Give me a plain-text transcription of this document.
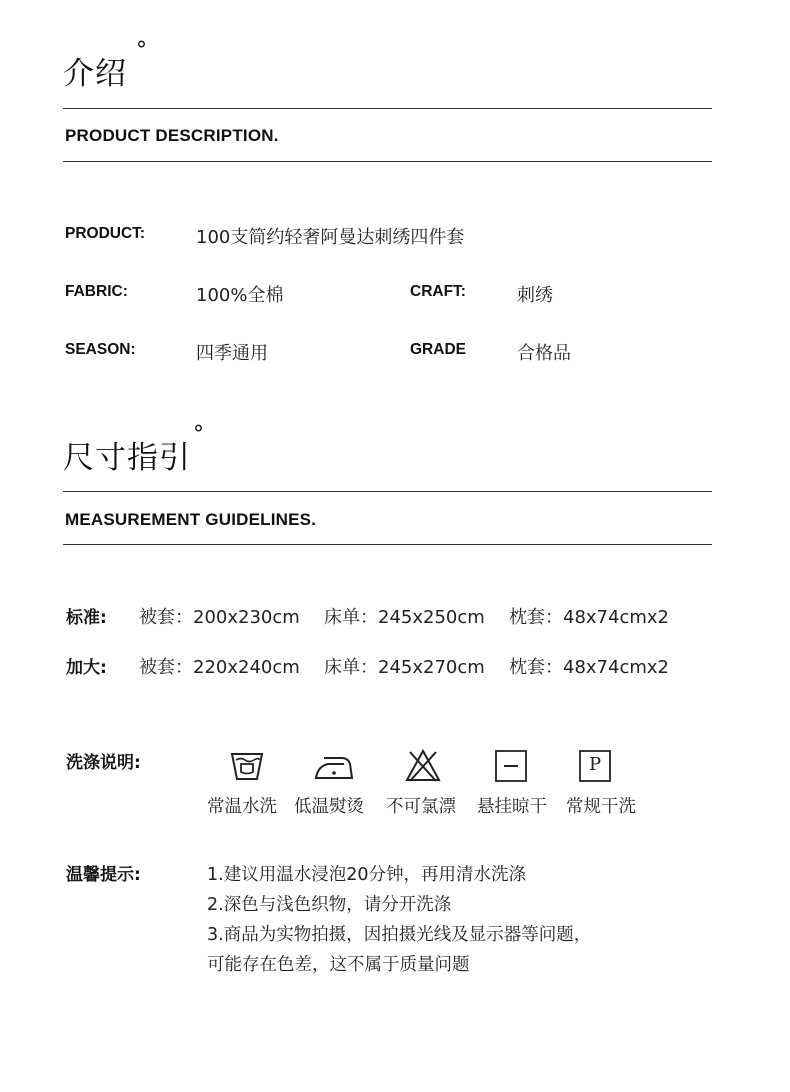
介绍
°
PRODUCT DESCRIPTION.
PRODUCT:	100支简约轻奢阿曼达刺绣四件套
FABRIC:	100%全棉	CRAFT:	刺绣
SEASON:	四季通用	GRADE	合格品
尺寸指引
°
MEASUREMENT GUIDELINES.
标准: 被套：200x230cm 床单：245x250cm 枕套：48x74cmx2
加大: 被套：220x240cm 床单：245x270cm 枕套：48x74cmx2
洗涤说明:
常温水洗 低温熨烫 不可氯漂 悬挂晾干
P
常规干洗
温馨提示:	1.建议用温水浸泡20分钟，再用清水洗涤
2.深色与浅色织物，请分开洗涤
3.商品为实物拍摄，因拍摄光线及显示器等问题，
可能存在色差，这不属于质量问题
